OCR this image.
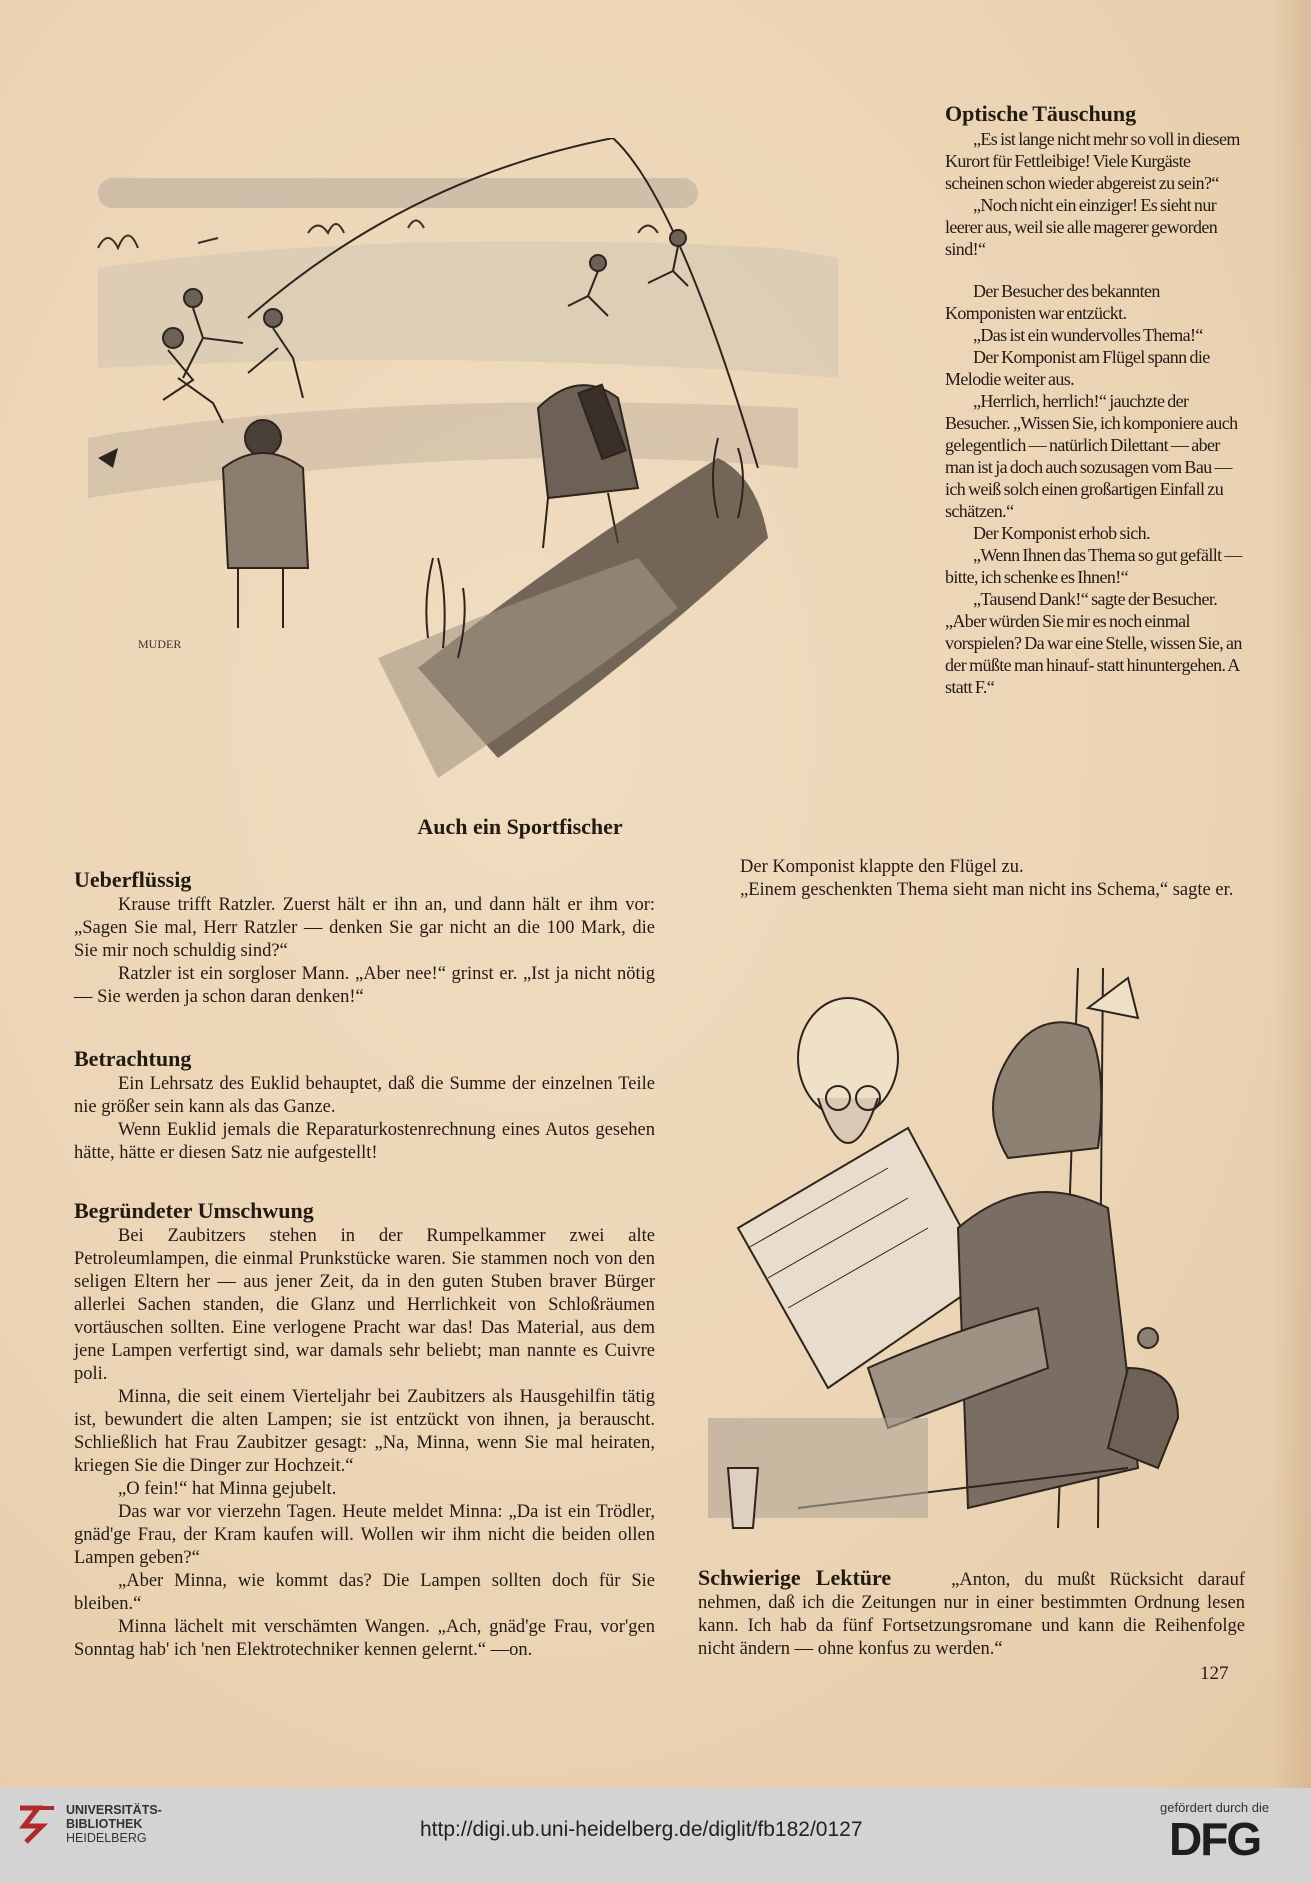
MUDER
Auch ein Sportfischer
Optische Täuschung

„Es ist lange nicht mehr so voll in diesem Kurort für Fettleibige! Viele Kurgäste scheinen schon wieder abgereist zu sein?“

„Noch nicht ein einziger! Es sieht nur leerer aus, weil sie alle magerer geworden sind!“

Der Besucher des bekannten Komponisten war entzückt.

„Das ist ein wundervolles Thema!“

Der Komponist am Flügel spann die Melodie weiter aus.

„Herrlich, herrlich!“ jauchzte der Besucher. „Wissen Sie, ich komponiere auch gelegentlich — natürlich Dilettant — aber man ist ja doch auch sozusagen vom Bau — ich weiß solch einen großartigen Einfall zu schätzen.“

Der Komponist erhob sich.

„Wenn Ihnen das Thema so gut gefällt — bitte, ich schenke es Ihnen!“

„Tausend Dank!“ sagte der Besucher. „Aber würden Sie mir es noch einmal vorspielen? Da war eine Stelle, wissen Sie, an der müßte man hinauf- statt hinuntergehen. A statt F.“

Der Komponist klappte den Flügel zu.

„Einem geschenkten Thema sieht man nicht ins Schema,“ sagte er.

Ueberflüssig

Krause trifft Ratzler. Zuerst hält er ihn an, und dann hält er ihm vor: „Sagen Sie mal, Herr Ratzler — denken Sie gar nicht an die 100 Mark, die Sie mir noch schuldig sind?“

Ratzler ist ein sorgloser Mann. „Aber nee!“ grinst er. „Ist ja nicht nötig — Sie werden ja schon daran denken!“

Betrachtung

Ein Lehrsatz des Euklid behauptet, daß die Summe der einzelnen Teile nie größer sein kann als das Ganze.

Wenn Euklid jemals die Reparaturkostenrechnung eines Autos gesehen hätte, hätte er diesen Satz nie aufgestellt!

Begründeter Umschwung

Bei Zaubitzers stehen in der Rumpelkammer zwei alte Petroleumlampen, die einmal Prunkstücke waren. Sie stammen noch von den seligen Eltern her — aus jener Zeit, da in den guten Stuben braver Bürger allerlei Sachen standen, die Glanz und Herrlichkeit von Schloßräumen vortäuschen sollten. Eine verlogene Pracht war das! Das Material, aus dem jene Lampen verfertigt sind, war damals sehr beliebt; man nannte es Cuivre poli.

Minna, die seit einem Vierteljahr bei Zaubitzers als Hausgehilfin tätig ist, bewundert die alten Lampen; sie ist entzückt von ihnen, ja berauscht. Schließlich hat Frau Zaubitzer gesagt: „Na, Minna, wenn Sie mal heiraten, kriegen Sie die Dinger zur Hochzeit.“

„O fein!“ hat Minna gejubelt.

Das war vor vierzehn Tagen. Heute meldet Minna: „Da ist ein Trödler, gnäd'ge Frau, der Kram kaufen will. Wollen wir ihm nicht die beiden ollen Lampen geben?“

„Aber Minna, wie kommt das? Die Lampen sollten doch für Sie bleiben.“

Minna lächelt mit verschämten Wangen. „Ach, gnäd'ge Frau, vor'gen Sonntag hab' ich 'nen Elektrotechniker kennen gelernt.“ —on.

Schwierige Lektüre	„Anton, du mußt Rücksicht darauf nehmen, daß ich die Zeitungen nur in einer bestimmten Ordnung lesen kann. Ich hab da fünf Fortsetzungsromane und kann die Reihenfolge nicht ändern — ohne konfus zu werden.“

127
UNIVERSITÄTS-
BIBLIOTHEK
HEIDELBERG	http://digi.ub.uni-heidelberg.de/diglit/fb182/0127
gefördert durch die
DFG
